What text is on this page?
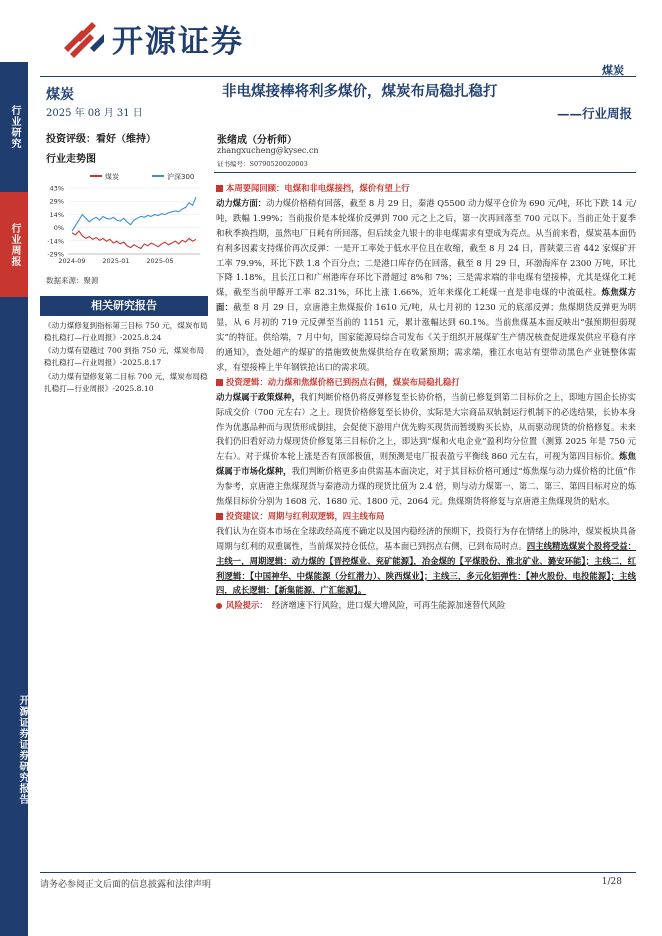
行业研究
行业周报
开源证券证券研究报告
开源证券
煤炭
煤炭
2025 年 08 月 31 日
投资评级：看好（维持）
行业走势图
非电煤接棒将利多煤价，煤炭布局稳扎稳打
——行业周报
张绪成（分析师）
zhangxucheng@kysec.cn
证书编号：S0790520020003
煤炭	沪深300
43%
29%
14%
0%
-14%
-29%
2024-09	2025-01	2025-05
数据来源：聚源
相关研究报告
《动力煤修复到指标第三目标 750 元，煤炭布局稳扎稳打—行业周报》-2025.8.24
《动力煤有望越过 700 到指 750 元，煤炭布局稳扎稳打—行业周报》-2025.8.17
《动力煤有望修复第二目标 700 元，煤炭布局稳扎稳打—行业周报》-2025.8.10
本周要闻回顾：电煤和非电煤接挡，煤价有望上行

动力煤方面：动力煤价格稍有回落，截至 8 月 29 日，秦港 Q5500 动力煤平仓价为 690 元/吨，环比下跌 14 元/吨，跌幅 1.99%；当前报价是本轮煤价反弹到 700 元之上之后，第一次再回落至 700 元以下。当前正处于夏季和秋季换挡期，虽然电厂日耗有所回落，但后续金九银十的非电煤需求有望成为亮点。从当前来看，煤炭基本面仍有利多因素支持煤价再次反弹：一是开工率处于低水平位且在收缩，截至 8 月 24 日，晋陕蒙三省 442 家煤矿开工率 79.9%，环比下跌 1.8 个百分点；二是港口库存仍在回落，截至 8 月 29 日，环渤海库存 2300 万吨，环比下降 1.18%，且长江口和广州港库存环比下滑超过 8%和 7%；三是需求端的非电煤有望接棒，尤其是煤化工耗煤，截至当前甲醇开工率 82.31%，环比上涨 1.66%，近年来煤化工耗煤一直是非电煤的中流砥柱。炼焦煤方面：截至 8 月 29 日，京唐港主焦煤报价 1610 元/吨，从七月初的 1230 元的底部反弹；焦煤期货反弹更为明显，从 6 月初的 719 元反弹至当前的 1151 元，累计涨幅达到 60.1%。当前焦煤基本面反映出“强预期但弱现实”的特征。供给端，7 月中旬，国家能源局综合司发布《关于组织开展煤矿生产情况核查促进煤炭供应平稳有序的通知》，查处超产的煤矿的措施致使焦煤供给存在收紧预期；需求端，雅江水电站有望带动黑色产业链整体需求，有望接棒上半年钢铁抢出口的需求项。

投资逻辑：动力煤和焦煤价格已到拐点右侧，煤炭布局稳扎稳打

动力煤属于政策煤种，我们判断价格仍将反弹修复至长协价格，当前已修复到第二目标价之上，即地方国企长协实际成交价（700 元左右）之上。现货价格修复至长协价，实际是大宗商品双轨制运行机制下的必选结果，长协本身作为优惠品种而与现货形成倒挂，会促使下游用户优先购买现货而暂缓购买长协，从而驱动现货的价格修复。未来我们仍旧看好动力煤现货价修复第三目标价之上，即达到“煤和火电企业”盈利均分位置（测算 2025 年是 750 元左右）。对于煤价本轮上涨是否有顶部极值，则预测是电厂报表盈亏平衡线 860 元左右，可视为第四目标价。炼焦煤属于市场化煤种，我们判断价格更多由供需基本面决定，对于其目标价格可通过“炼焦煤与动力煤价格的比值”作为参考，京唐港主焦煤现货与秦港动力煤的现货比值为 2.4 倍，则与动力煤第一、第二、第三、第四目标对应的炼焦煤目标价分别为 1608 元、1680 元、1800 元、2064 元。焦煤期货将修复与京唐港主焦煤现货的贴水。

投资建议：周期与红利双逻辑，四主线布局

我们认为在资本市场在全球政经高度不确定以及国内稳经济的预期下，投资行为存在情绪上的脉冲，煤炭板块具备周期与红利的双重属性，当前煤炭持仓低位，基本面已到拐点右侧，已到布局时点。四主线精选煤炭个股将受益：主线一，周期逻辑：动力煤的【晋控煤业、兖矿能源】，冶金煤的【平煤股份、淮北矿业、潞安环能】；主线二，红利逻辑：【中国神华、中煤能源（分红潜力）、陕西煤业】；主线三，多元化铝弹性：【神火股份、电投能源】；主线四，成长逻辑：【新集能源、广汇能源】。

风险提示： 经济增速下行风险，进口煤大增风险，可再生能源加速替代风险
请务必参阅正文后面的信息披露和法律声明	1/28
